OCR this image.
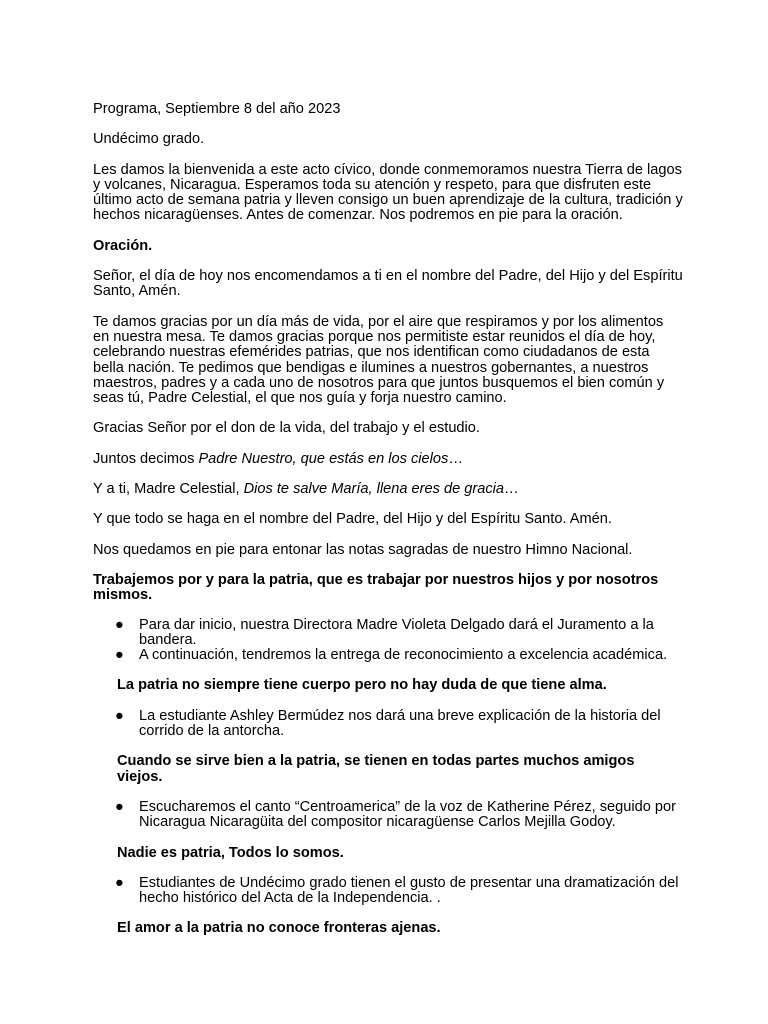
Programa, Septiembre 8 del año 2023

Undécimo grado.

Les damos la bienvenida a este acto cívico, donde conmemoramos nuestra Tierra de lagos y volcanes, Nicaragua. Esperamos toda su atención y respeto, para que disfruten este último acto de semana patria y lleven consigo un buen aprendizaje de la cultura, tradición y hechos nicaragüenses. Antes de comenzar. Nos podremos en pie para la oración.

Oración.

Señor, el día de hoy nos encomendamos a ti en el nombre del Padre, del Hijo y del Espíritu Santo, Amén.

Te damos gracias por un día más de vida, por el aire que respiramos y por los alimentos en nuestra mesa. Te damos gracias porque nos permitiste estar reunidos el día de hoy, celebrando nuestras efemérides patrias, que nos identifican como ciudadanos de esta bella nación. Te pedimos que bendigas e ilumines a nuestros gobernantes, a nuestros maestros, padres y a cada uno de nosotros para que juntos busquemos el bien común y seas tú, Padre Celestial, el que nos guía y forja nuestro camino.

Gracias Señor por el don de la vida, del trabajo y el estudio.

Juntos decimos Padre Nuestro, que estás en los cielos…

Y a ti, Madre Celestial, Dios te salve María, llena eres de gracia…

Y que todo se haga en el nombre del Padre, del Hijo y del Espíritu Santo. Amén.

Nos quedamos en pie para entonar las notas sagradas de nuestro Himno Nacional.

Trabajemos por y para la patria, que es trabajar por nuestros hijos y por nosotros mismos.

● Para dar inicio, nuestra Directora Madre Violeta Delgado dará el Juramento a la bandera.
● A continuación, tendremos la entrega de reconocimiento a excelencia académica.

La patria no siempre tiene cuerpo pero no hay duda de que tiene alma.

● La estudiante Ashley Bermúdez nos dará una breve explicación de la historia del corrido de la antorcha.

Cuando se sirve bien a la patria, se tienen en todas partes muchos amigos viejos.

● Escucharemos el canto “Centroamerica” de la voz de Katherine Pérez, seguido por Nicaragua Nicaragüita del compositor nicaragüense Carlos Mejilla Godoy.

Nadie es patria, Todos lo somos.

● Estudiantes de Undécimo grado tienen el gusto de presentar una dramatización del hecho histórico del Acta de la Independencia. .

El amor a la patria no conoce fronteras ajenas.
